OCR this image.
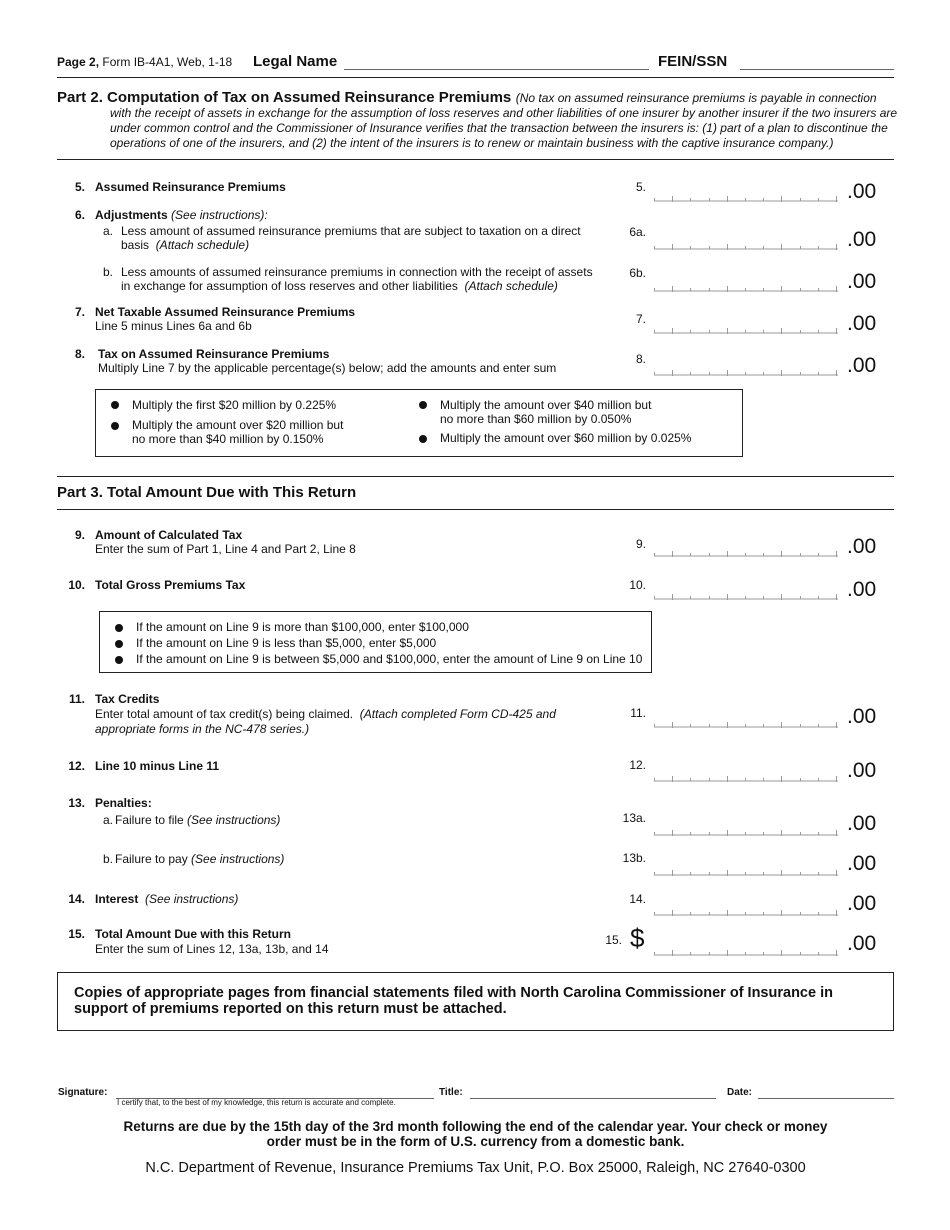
Page 2, Form IB-4A1, Web, 1-18 Legal Name	FEIN/SSN
Part 2. Computation of Tax on Assumed Reinsurance Premiums (No tax on assumed reinsurance premiums is payable in connection
with the receipt of assets in exchange for the assumption of loss reserves and other liabilities of one insurer by another insurer if the two insurers are
under common control and the Commissioner of Insurance verifies that the transaction between the insurers is: (1) part of a plan to discontinue the
operations of one of the insurers, and (2) the intent of the insurers is to renew or maintain business with the captive insurance company.)
5. Assumed Reinsurance Premiums	5.	.00
6. Adjustments (See instructions):
a. Less amount of assumed reinsurance premiums that are subject to taxation on a direct
basis (Attach schedule)
6a.	.00
b. Less amounts of assumed reinsurance premiums in connection with the receipt of assets
in exchange for assumption of loss reserves and other liabilities (Attach schedule)
6b.	.00
7. Net Taxable Assumed Reinsurance Premiums
Line 5 minus Lines 6a and 6b	7.	.00
8. Tax on Assumed Reinsurance Premiums
Multiply Line 7 by the applicable percentage(s) below; add the amounts and enter sum
8.	.00
Multiply the first $20 million by 0.225%
Multiply the amount over $20 million but
no more than $40 million by 0.150%
Multiply the amount over $40 million but
no more than $60 million by 0.050%
Multiply the amount over $60 million by 0.025%
Part 3. Total Amount Due with This Return
9. Amount of Calculated Tax
Enter the sum of Part 1, Line 4 and Part 2, Line 8	9.	.00
10. Total Gross Premiums Tax	10.	.00
If the amount on Line 9 is more than $100,000, enter $100,000
If the amount on Line 9 is less than $5,000, enter $5,000
If the amount on Line 9 is between $5,000 and $100,000, enter the amount of Line 9 on Line 10
11. Tax Credits
Enter total amount of tax credit(s) being claimed. (Attach completed Form CD-425 and
appropriate forms in the NC-478 series.)
11.	.00
12. Line 10 minus Line 11	12.	.00
13. Penalties:
a. Failure to file (See instructions)	13a.	.00
b. Failure to pay (See instructions)	13b.	.00
14. Interest (See instructions)	14.	.00
15. Total Amount Due with this Return
Enter the sum of Lines 12, 13a, 13b, and 14
15. $	.00
Copies of appropriate pages from financial statements filed with North Carolina Commissioner of Insurance in
support of premiums reported on this return must be attached.
Signature:
I certify that, to the best of my knowledge, this return is accurate and complete.
Title:	Date:
Returns are due by the 15th day of the 3rd month following the end of the calendar year. Your check or money
order must be in the form of U.S. currency from a domestic bank.
N.C. Department of Revenue, Insurance Premiums Tax Unit, P.O. Box 25000, Raleigh, NC 27640-0300
